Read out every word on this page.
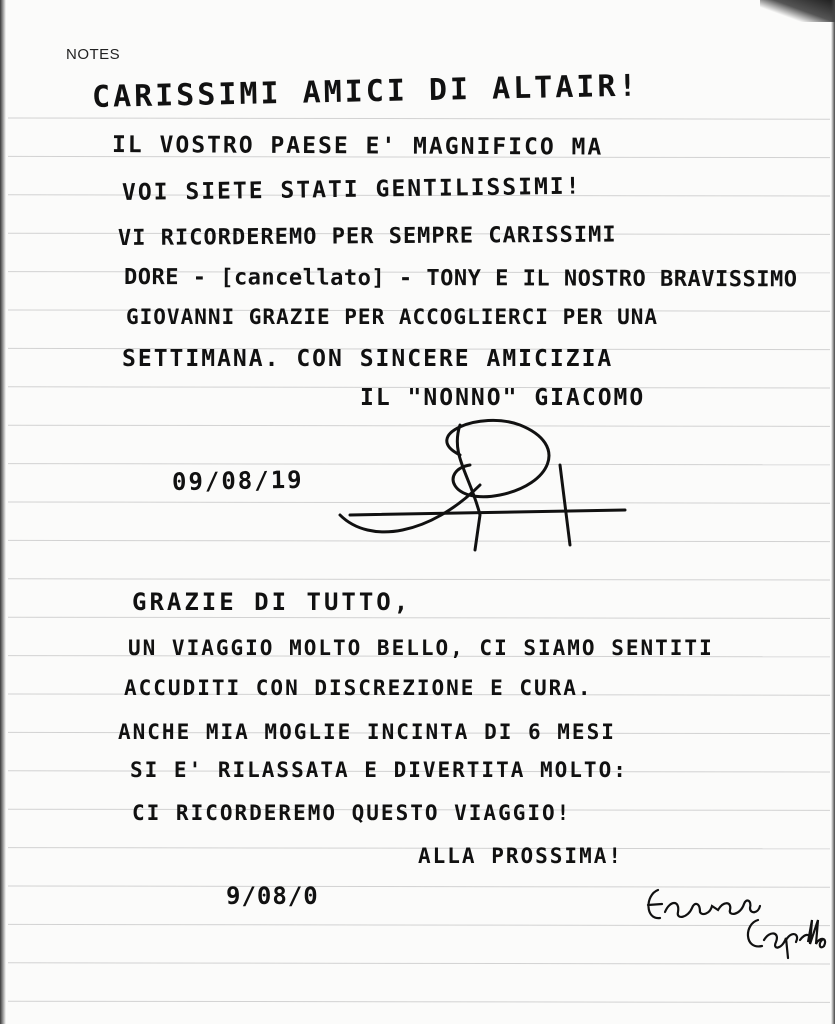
NOTES
CARISSIMI AMICI DI ALTAIR!
IL VOSTRO PAESE E' MAGNIFICO MA
VOI SIETE STATI GENTILISSIMI!
VI RICORDEREMO PER SEMPRE CARISSIMI
DORE - [cancellato] - TONY E IL NOSTRO BRAVISSIMO
GIOVANNI GRAZIE PER ACCOGLIERCI PER UNA
SETTIMANA. CON SINCERE AMICIZIA
IL "NONNO" GIACOMO
09/08/19
GRAZIE DI TUTTO,
UN VIAGGIO MOLTO BELLO, CI SIAMO SENTITI
ACCUDITI CON DISCREZIONE E CURA.
ANCHE MIA MOGLIE INCINTA DI 6 MESI
SI E' RILASSATA E DIVERTITA MOLTO:
CI RICORDEREMO QUESTO VIAGGIO!
ALLA PROSSIMA!
9/08/0
